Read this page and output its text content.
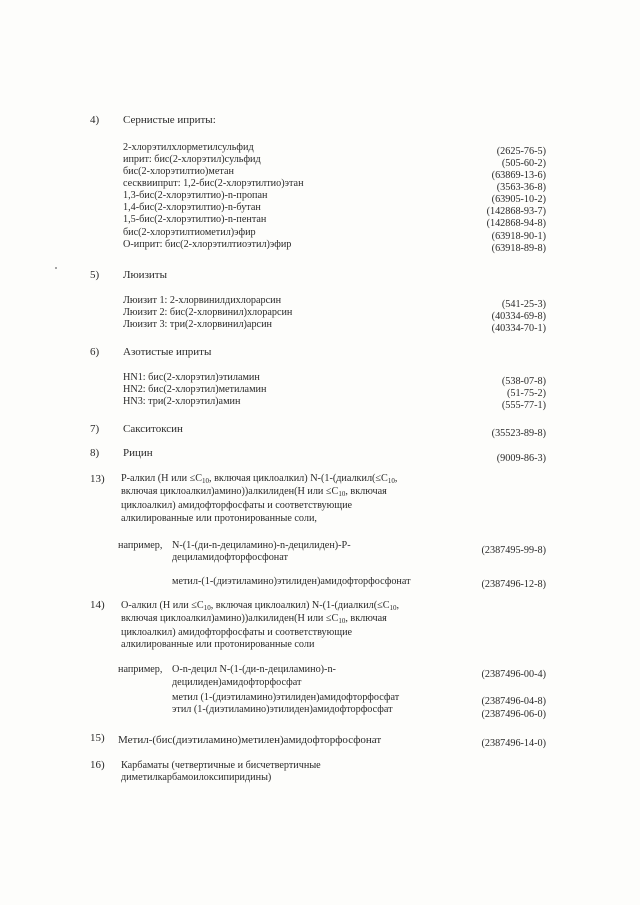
4) Сернистые иприты:
2-хлорэтилхлорметилсульфид	(2625-76-5)
иприт: бис(2-хлорэтил)сульфид	(505-60-2)
бис(2-хлорэтилтио)метан	(63869-13-6)
сесквиипрuт: 1,2-бис(2-хлорэтилтио)этан	(3563-36-8)
1,3-бис(2-хлорэтилтио)-n-пропан	(63905-10-2)
1,4-бис(2-хлорэтилтио)-n-бутан	(142868-93-7)
1,5-бис(2-хлорэтилтио)-n-пентан	(142868-94-8)
бис(2-хлорэтилтиометил)эфир	(63918-90-1)
О-иприт: бис(2-хлорэтилтиоэтил)эфир	(63918-89-8)
5) Люизиты
Люизит 1: 2-хлорвинилдихлорарсин	(541-25-3)
Люизит 2: бис(2-хлорвинил)хлорарсин	(40334-69-8)
Люизит 3: три(2-хлорвинил)арсин	(40334-70-1)
6) Азотистые иприты
HN1: бис(2-хлорэтил)этиламин	(538-07-8)
HN2: бис(2-хлорэтил)метиламин	(51-75-2)
HN3: три(2-хлорэтил)амин	(555-77-1)
7) Сакситоксин	(35523-89-8)
8) Рицин	(9009-86-3)
13) Р-алкил (Н или $\le С_{10}$, включая циклоалкил) $N-(1-(диалкил(\le С_{10}$,
включая циклоалкил)амино))алкилиден(Н или $\le С_{10}$, включая
циклоалкил) амидофторфосфаты и соответствующие
алкилированные или протонированные соли,
например, N-(1-(ди-n-дециламино)-n-децилиден)-Р-
дециламидофторфосфонат
(2387495-99-8)
метил-(1-(диэтиламино)этилиден)амидофторфосфонат	(2387496-12-8)
14) О-алкил (Н или $\le С_{10}$, включая циклоалкил) $N-(1-(диалкил(\le С_{10}$,
включая циклоалкил)амино))алкилиден(Н или $\le С_{10}$, включая
циклоалкил) амидофторфосфаты и соответствующие
алкилированные или протонированные соли
например, О-n-децил N-(1-(ди-n-дециламино)-n-
децилиден)амидофторфосфат
(2387496-00-4)
метил (1-(диэтиламино)этилиден)амидофторфосфат	(2387496-04-8)
этил (1-(диэтиламино)этилиден)амидофторфосфат	(2387496-06-0)
15) Метил-(бис(диэтиламино)метилен)амидофторфосфонат	(2387496-14-0)
16) Карбаматы (четвертичные и бисчетвертичные
диметилкарбамоилоксипиридины)
